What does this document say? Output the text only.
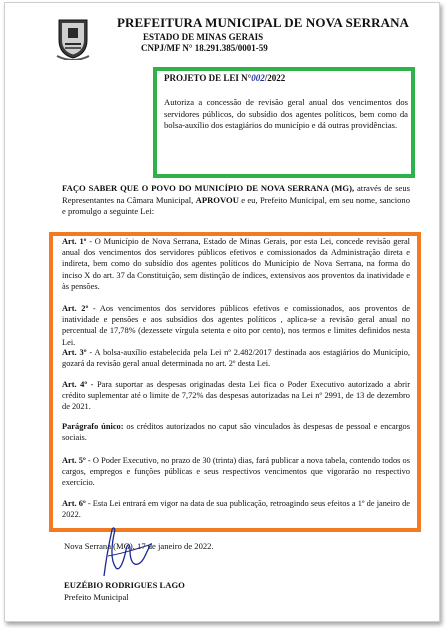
PREFEITURA MUNICIPAL DE NOVA SERRANA
ESTADO DE MINAS GERAIS
CNPJ/MF N° 18.291.385/0001-59
PROJETO DE LEI N°002/2022
Autoriza a concessão de revisão geral anual dos vencimentos dos servidores públicos, do subsídio dos agentes políticos, bem como da bolsa-auxílio dos estagiários do município e dá outras providências.
FAÇO SABER QUE O POVO DO MUNICÍPIO DE NOVA SERRANA (MG), através de seus Representantes na Câmara Municipal, APROVOU e eu, Prefeito Municipal, em seu nome, sanciono e promulgo a seguinte Lei:
Art. 1º - O Município de Nova Serrana, Estado de Minas Gerais, por esta Lei, concede revisão geral anual dos vencimentos dos servidores públicos efetivos e comissionados da Administração direta e indireta, bem como do subsídio dos agentes políticos do Município de Nova Serrana, na forma do inciso X do art. 37 da Constituição, sem distinção de índices, extensivos aos proventos da inatividade e às pensões.
Art. 2º - Aos vencimentos dos servidores públicos efetivos e comissionados, aos proventos de inatividade e pensões e aos subsídios dos agentes políticos , aplica-se a revisão geral anual no percentual de 17,78% (dezessete vírgula setenta e oito por cento), nos termos e limites definidos nesta Lei.
Art. 3º - A bolsa-auxílio estabelecida pela Lei nº 2.482/2017 destinada aos estagiários do Município, gozará da revisão geral anual determinada no art. 2º desta Lei.
Art. 4º - Para suportar as despesas originadas desta Lei fica o Poder Executivo autorizado a abrir crédito suplementar até o limite de 7,72% das despesas autorizadas na Lei nº 2991, de 13 de dezembro de 2021.
Parágrafo único: os créditos autorizados no caput são vinculados às despesas de pessoal e encargos sociais.
Art. 5º - O Poder Executivo, no prazo de 30 (trinta) dias, fará publicar a nova tabela, contendo todos os cargos, empregos e funções públicas e seus respectivos vencimentos que vigorarão no respectivo exercício.
Art. 6º - Esta Lei entrará em vigor na data de sua publicação, retroagindo seus efeitos a 1º de janeiro de 2022.
Nova Serrana (MG), 17 de janeiro de 2022.
EUZÉBIO RODRIGUES LAGO
Prefeito Municipal
